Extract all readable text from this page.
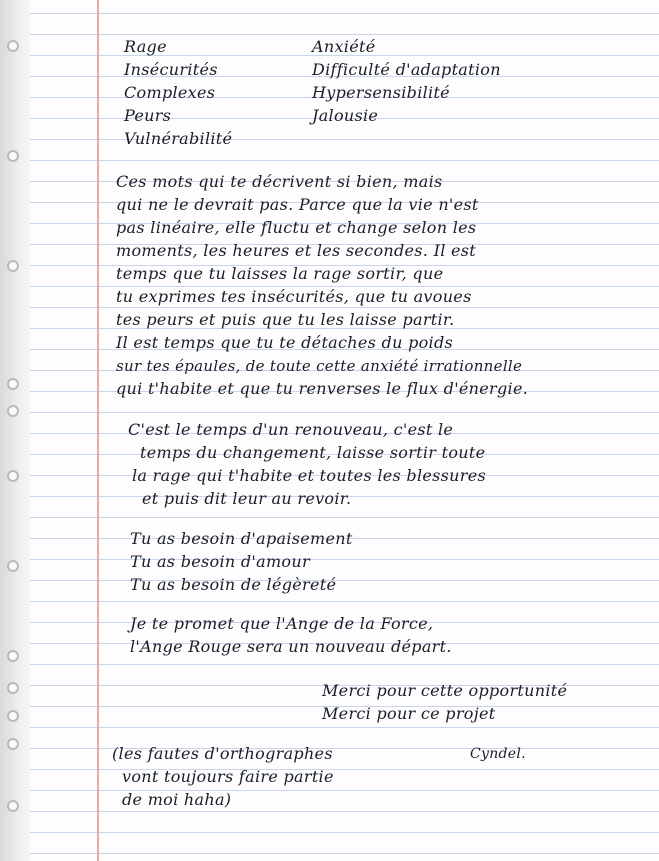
Rage
Insécurités
Complexes
Peurs
Vulnérabilité
Anxiété
Difficulté d'adaptation
Hypersensibilité
Jalousie
Ces mots qui te décrivent si bien, mais
qui ne le devrait pas. Parce que la vie n'est
pas linéaire, elle fluctu et change selon les
moments, les heures et les secondes. Il est
temps que tu laisses la rage sortir, que
tu exprimes tes insécurités, que tu avoues
tes peurs et puis que tu les laisse partir.
Il est temps que tu te détaches du poids
sur tes épaules, de toute cette anxiété irrationnelle
qui t'habite et que tu renverses le flux d'énergie.
C'est le temps d'un renouveau, c'est le
temps du changement, laisse sortir toute
la rage qui t'habite et toutes les blessures
et puis dit leur au revoir.
Tu as besoin d'apaisement
Tu as besoin d'amour
Tu as besoin de légèreté
Je te promet que l'Ange de la Force,
l'Ange Rouge sera un nouveau départ.
Merci pour cette opportunité
Merci pour ce projet
(les fautes d'orthographes
vont toujours faire partie
de moi haha)
Cyndel.
